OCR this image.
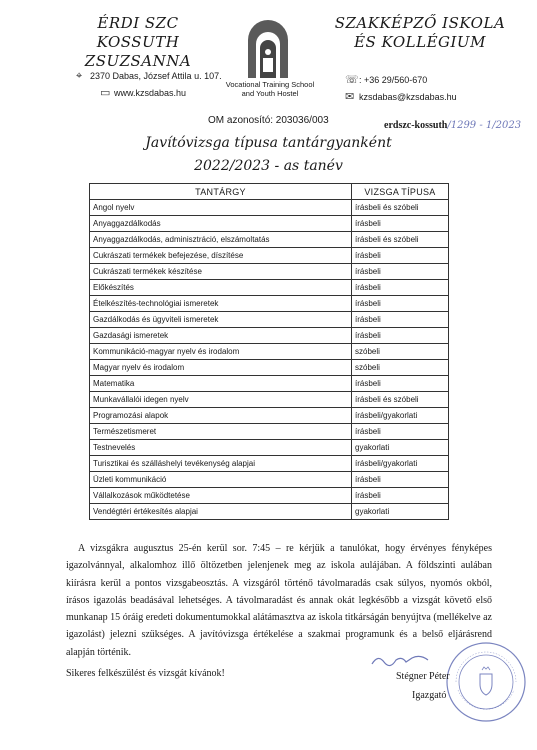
ÉRDI SZC
KOSSUTH ZSUZSANNA
Vocational Training School and Youth Hostel
SZAKKÉPZŐ ISKOLA
ÉS KOLLÉGIUM
⌖ 2370 Dabas, József Attila u. 107.
▭ www.kzsdabas.hu
☏: +36 29/560-670
✉ kzsdabas@kzsdabas.hu
OM azonosító: 203036/003	erdszc-kossuth/1299 - 1/2023
Javítóvizsga típusa tantárgyanként
2022/2023 - as tanév
TANTÁRGY	VIZSGA TÍPUSA
Angol nyelv	írásbeli és szóbeli
Anyaggazdálkodás	írásbeli
Anyaggazdálkodás, adminisztráció, elszámoltatás	írásbeli és szóbeli
Cukrászati termékek befejezése, díszítése	írásbeli
Cukrászati termékek készítése	írásbeli
Előkészítés	írásbeli
Ételkészítés-technológiai ismeretek	írásbeli
Gazdálkodás és ügyviteli ismeretek	írásbeli
Gazdasági ismeretek	írásbeli
Kommunikáció-magyar nyelv és irodalom	szóbeli
Magyar nyelv és irodalom	szóbeli
Matematika	írásbeli
Munkavállalói idegen nyelv	írásbeli és szóbeli
Programozási alapok	írásbeli/gyakorlati
Természetismeret	írásbeli
Testnevelés	gyakorlati
Turisztikai és szálláshelyi tevékenység alapjai	írásbeli/gyakorlati
Üzleti kommunikáció	írásbeli
Vállalkozások működtetése	írásbeli
Vendégtéri értékesítés alapjai	gyakorlati
A vizsgákra augusztus 25-én kerül sor. 7:45 – re kérjük a tanulókat, hogy érvényes fényképes igazolvánnyal, alkalomhoz illő öltözetben jelenjenek meg az iskola aulájában. A földszinti aulában kiírásra kerül a pontos vizsgabeosztás. A vizsgáról történő távolmaradás csak súlyos, nyomós okból, írásos igazolás beadásával lehetséges. A távolmaradást és annak okát legkésőbb a vizsgát követő első munkanap 15 óráig eredeti dokumentumokkal alátámasztva az iskola titkárságán benyújtva (mellékelve az igazolást) jelezni szükséges. A javítóvizsga értékelése a szakmai programunk és a belső eljárásrend alapján történik.
Sikeres felkészülést és vizsgát kívánok!	Stégner Péter
Igazgató
